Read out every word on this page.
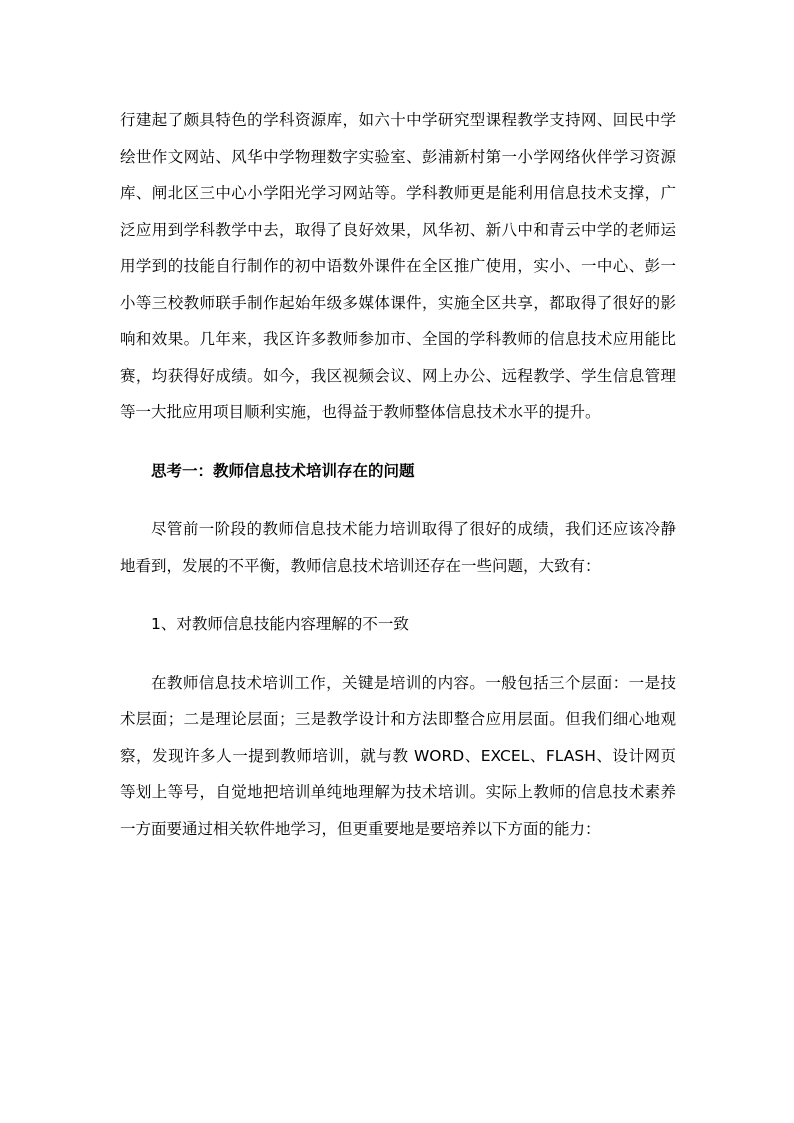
行建起了颇具特色的学科资源库，如六十中学研究型课程教学支持网、回民中学绘世作文网站、风华中学物理数字实验室、彭浦新村第一小学网络伙伴学习资源库、闸北区三中心小学阳光学习网站等。学科教师更是能利用信息技术支撑，广泛应用到学科教学中去，取得了良好效果，风华初、新八中和青云中学的老师运用学到的技能自行制作的初中语数外课件在全区推广使用，实小、一中心、彭一小等三校教师联手制作起始年级多媒体课件，实施全区共享，都取得了很好的影响和效果。几年来，我区许多教师参加市、全国的学科教师的信息技术应用能比赛，均获得好成绩。如今，我区视频会议、网上办公、远程教学、学生信息管理等一大批应用项目顺利实施，也得益于教师整体信息技术水平的提升。

思考一：教师信息技术培训存在的问题

尽管前一阶段的教师信息技术能力培训取得了很好的成绩，我们还应该冷静地看到，发展的不平衡，教师信息技术培训还存在一些问题，大致有：

1、对教师信息技能内容理解的不一致

在教师信息技术培训工作，关键是培训的内容。一般包括三个层面：一是技术层面；二是理论层面；三是教学设计和方法即整合应用层面。但我们细心地观察，发现许多人一提到教师培训，就与教 WORD、EXCEL、FLASH、设计网页等划上等号，自觉地把培训单纯地理解为技术培训。实际上教师的信息技术素养一方面要通过相关软件地学习，但更重要地是要培养以下方面的能力：
